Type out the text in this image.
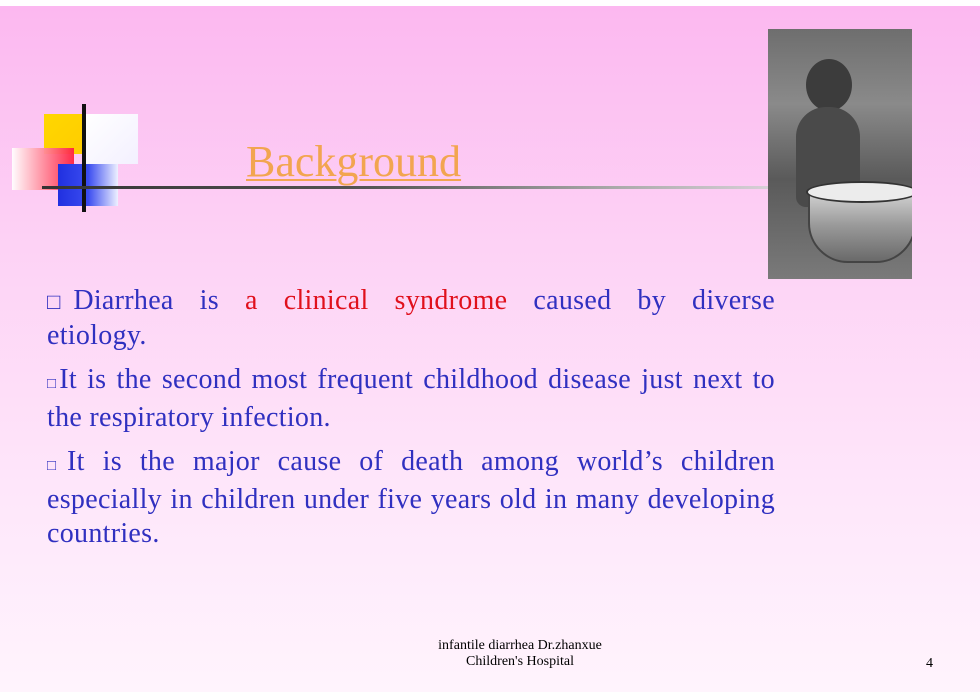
Background

□Diarrhea is a clinical syndrome caused by diverse etiology.

□It is the second most frequent childhood disease just next to the respiratory infection.

□It is the major cause of death among world’s children especially in children under five years old in many developing countries.

infantile diarrhea Dr.zhanxue
Children's Hospital	4
